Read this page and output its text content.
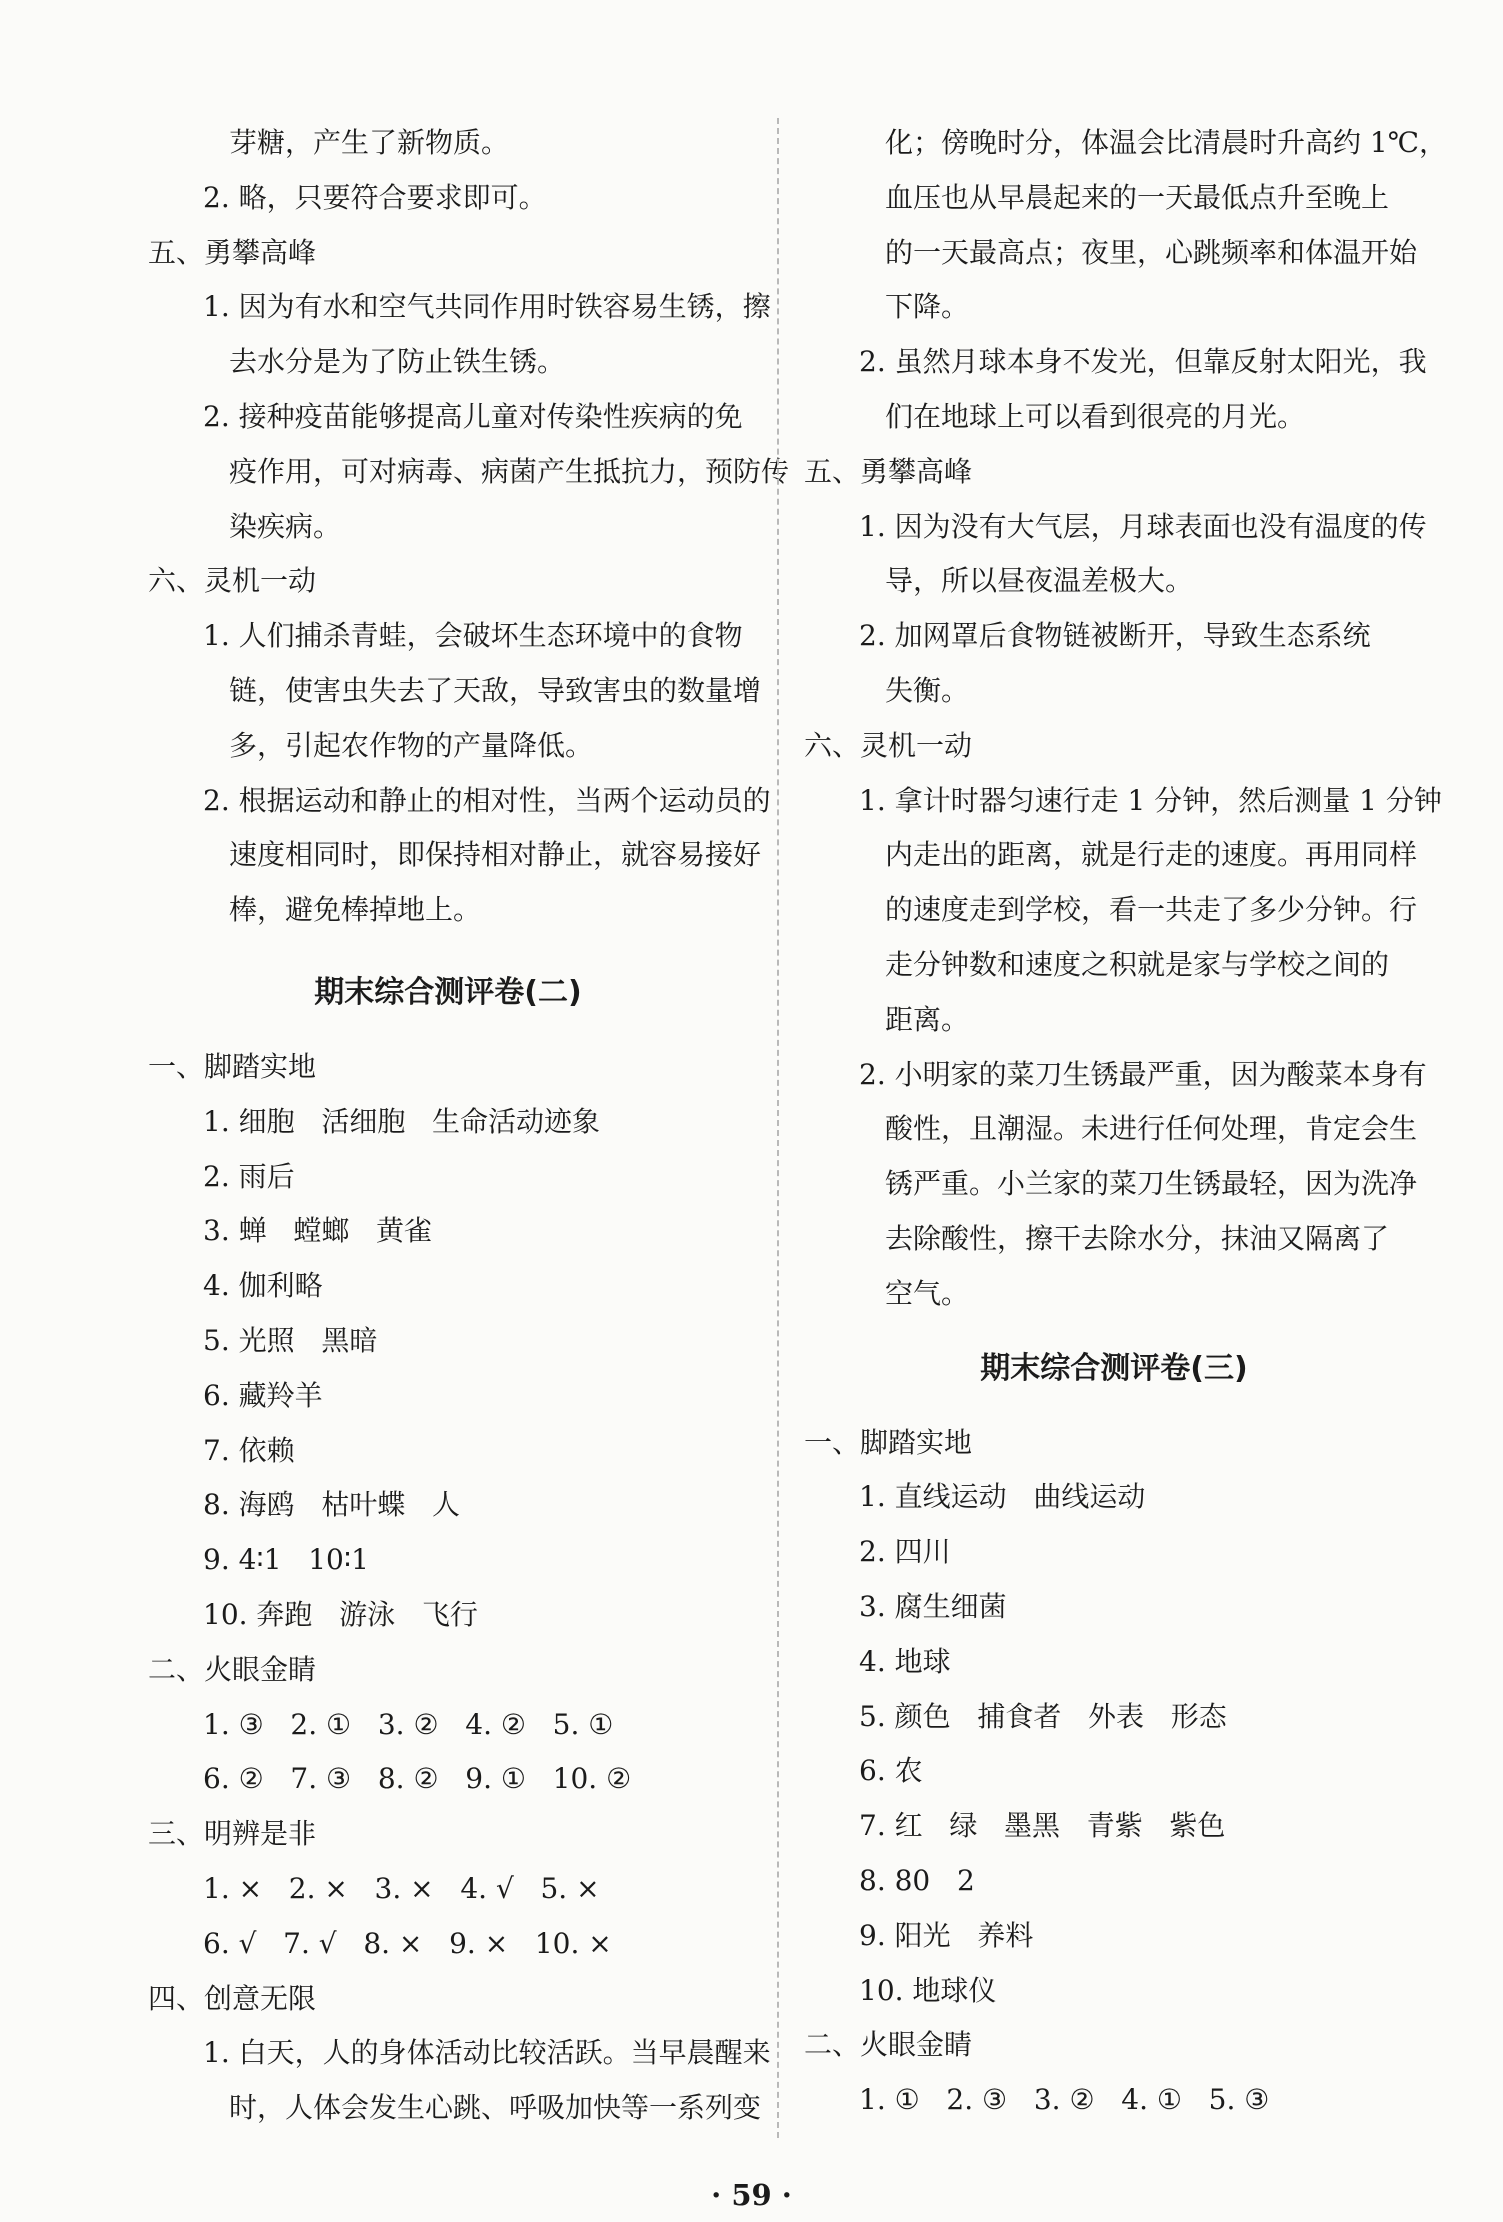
芽糖，产生了新物质。
2. 略，只要符合要求即可。
五、勇攀高峰
1. 因为有水和空气共同作用时铁容易生锈，擦
去水分是为了防止铁生锈。
2. 接种疫苗能够提高儿童对传染性疾病的免
疫作用，可对病毒、病菌产生抵抗力，预防传
染疾病。
六、灵机一动
1. 人们捕杀青蛙，会破坏生态环境中的食物
链，使害虫失去了天敌，导致害虫的数量增
多，引起农作物的产量降低。
2. 根据运动和静止的相对性，当两个运动员的
速度相同时，即保持相对静止，就容易接好
棒，避免棒掉地上。
期末综合测评卷(二)
一、脚踏实地
1. 细胞   活细胞   生命活动迹象
2. 雨后
3. 蝉   螳螂   黄雀
4. 伽利略
5. 光照   黑暗
6. 藏羚羊
7. 依赖
8. 海鸥   枯叶蝶   人
9. 4∶1   10∶1
10. 奔跑   游泳   飞行
二、火眼金睛
1. ③   2. ①   3. ②   4. ②   5. ①
6. ②   7. ③   8. ②   9. ①   10. ②
三、明辨是非
1. ×   2. ×   3. ×   4. √   5. ×
6. √   7. √   8. ×   9. ×   10. ×
四、创意无限
1. 白天，人的身体活动比较活跃。当早晨醒来
时，人体会发生心跳、呼吸加快等一系列变
化；傍晚时分，体温会比清晨时升高约 1℃，
血压也从早晨起来的一天最低点升至晚上
的一天最高点；夜里，心跳频率和体温开始
下降。
2. 虽然月球本身不发光，但靠反射太阳光，我
们在地球上可以看到很亮的月光。
五、勇攀高峰
1. 因为没有大气层，月球表面也没有温度的传
导，所以昼夜温差极大。
2. 加网罩后食物链被断开，导致生态系统
失衡。
六、灵机一动
1. 拿计时器匀速行走 1 分钟，然后测量 1 分钟
内走出的距离，就是行走的速度。再用同样
的速度走到学校，看一共走了多少分钟。行
走分钟数和速度之积就是家与学校之间的
距离。
2. 小明家的菜刀生锈最严重，因为酸菜本身有
酸性，且潮湿。未进行任何处理，肯定会生
锈严重。小兰家的菜刀生锈最轻，因为洗净
去除酸性，擦干去除水分，抹油又隔离了
空气。
期末综合测评卷(三)
一、脚踏实地
1. 直线运动   曲线运动
2. 四川
3. 腐生细菌
4. 地球
5. 颜色   捕食者   外表   形态
6. 农
7. 红   绿   墨黑   青紫   紫色
8. 80   2
9. 阳光   养料
10. 地球仪
二、火眼金睛
1. ①   2. ③   3. ②   4. ①   5. ③
· 59 ·
